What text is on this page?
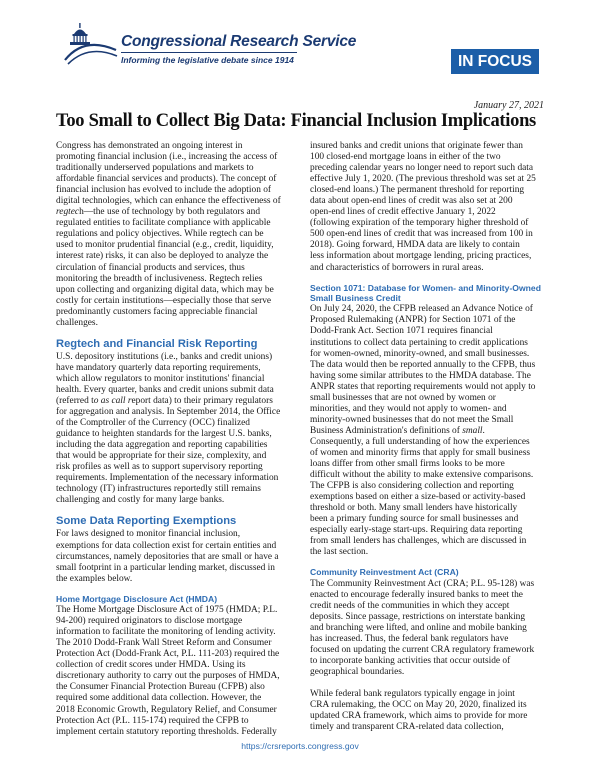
Congressional Research Service
Informing the legislative debate since 1914	IN FOCUS
January 27, 2021
Too Small to Collect Big Data: Financial Inclusion Implications
Congress has demonstrated an ongoing interest in
promoting financial inclusion (i.e., increasing the access of
traditionally underserved populations and markets to
affordable financial services and products). The concept of
financial inclusion has evolved to include the adoption of
digital technologies, which can enhance the effectiveness of
regtech—the use of technology by both regulators and
regulated entities to facilitate compliance with applicable
regulations and policy objectives. While regtech can be
used to monitor prudential financial (e.g., credit, liquidity,
interest rate) risks, it can also be deployed to analyze the
circulation of financial products and services, thus
monitoring the breadth of inclusiveness. Regtech relies
upon collecting and organizing digital data, which may be
costly for certain institutions—especially those that serve
predominantly customers facing appreciable financial
challenges.
Regtech and Financial Risk Reporting
U.S. depository institutions (i.e., banks and credit unions)
have mandatory quarterly data reporting requirements,
which allow regulators to monitor institutions' financial
health. Every quarter, banks and credit unions submit data
(referred to as call report data) to their primary regulators
for aggregation and analysis. In September 2014, the Office
of the Comptroller of the Currency (OCC) finalized
guidance to heighten standards for the largest U.S. banks,
including the data aggregation and reporting capabilities
that would be appropriate for their size, complexity, and
risk profiles as well as to support supervisory reporting
requirements. Implementation of the necessary information
technology (IT) infrastructures reportedly still remains
challenging and costly for many large banks.
Some Data Reporting Exemptions
For laws designed to monitor financial inclusion,
exemptions for data collection exist for certain entities and
circumstances, namely depositories that are small or have a
small footprint in a particular lending market, discussed in
the examples below.
Home Mortgage Disclosure Act (HMDA)
The Home Mortgage Disclosure Act of 1975 (HMDA; P.L.
94-200) required originators to disclose mortgage
information to facilitate the monitoring of lending activity.
The 2010 Dodd-Frank Wall Street Reform and Consumer
Protection Act (Dodd-Frank Act, P.L. 111-203) required the
collection of credit scores under HMDA. Using its
discretionary authority to carry out the purposes of HMDA,
the Consumer Financial Protection Bureau (CFPB) also
required some additional data collection. However, the
2018 Economic Growth, Regulatory Relief, and Consumer
Protection Act (P.L. 115-174) required the CFPB to
implement certain statutory reporting thresholds. Federally
insured banks and credit unions that originate fewer than
100 closed-end mortgage loans in either of the two
preceding calendar years no longer need to report such data
effective July 1, 2020. (The previous threshold was set at 25
closed-end loans.) The permanent threshold for reporting
data about open-end lines of credit was also set at 200
open-end lines of credit effective January 1, 2022
(following expiration of the temporary higher threshold of
500 open-end lines of credit that was increased from 100 in
2018). Going forward, HMDA data are likely to contain
less information about mortgage lending, pricing practices,
and characteristics of borrowers in rural areas.
Section 1071: Database for Women- and Minority-Owned Small Business Credit
On July 24, 2020, the CFPB released an Advance Notice of
Proposed Rulemaking (ANPR) for Section 1071 of the
Dodd-Frank Act. Section 1071 requires financial
institutions to collect data pertaining to credit applications
for women-owned, minority-owned, and small businesses.
The data would then be reported annually to the CFPB, thus
having some similar attributes to the HMDA database. The
ANPR states that reporting requirements would not apply to
small businesses that are not owned by women or
minorities, and they would not apply to women- and
minority-owned businesses that do not meet the Small
Business Administration's definitions of small.
Consequently, a full understanding of how the experiences
of women and minority firms that apply for small business
loans differ from other small firms looks to be more
difficult without the ability to make extensive comparisons.
The CFPB is also considering collection and reporting
exemptions based on either a size-based or activity-based
threshold or both. Many small lenders have historically
been a primary funding source for small businesses and
especially early-stage start-ups. Requiring data reporting
from small lenders has challenges, which are discussed in
the last section.
Community Reinvestment Act (CRA)
The Community Reinvestment Act (CRA; P.L. 95-128) was
enacted to encourage federally insured banks to meet the
credit needs of the communities in which they accept
deposits. Since passage, restrictions on interstate banking
and branching were lifted, and online and mobile banking
has increased. Thus, the federal bank regulators have
focused on updating the current CRA regulatory framework
to incorporate banking activities that occur outside of
geographical boundaries.
While federal bank regulators typically engage in joint
CRA rulemaking, the OCC on May 20, 2020, finalized its
updated CRA framework, which aims to provide for more
timely and transparent CRA-related data collection,
https://crsreports.congress.gov
